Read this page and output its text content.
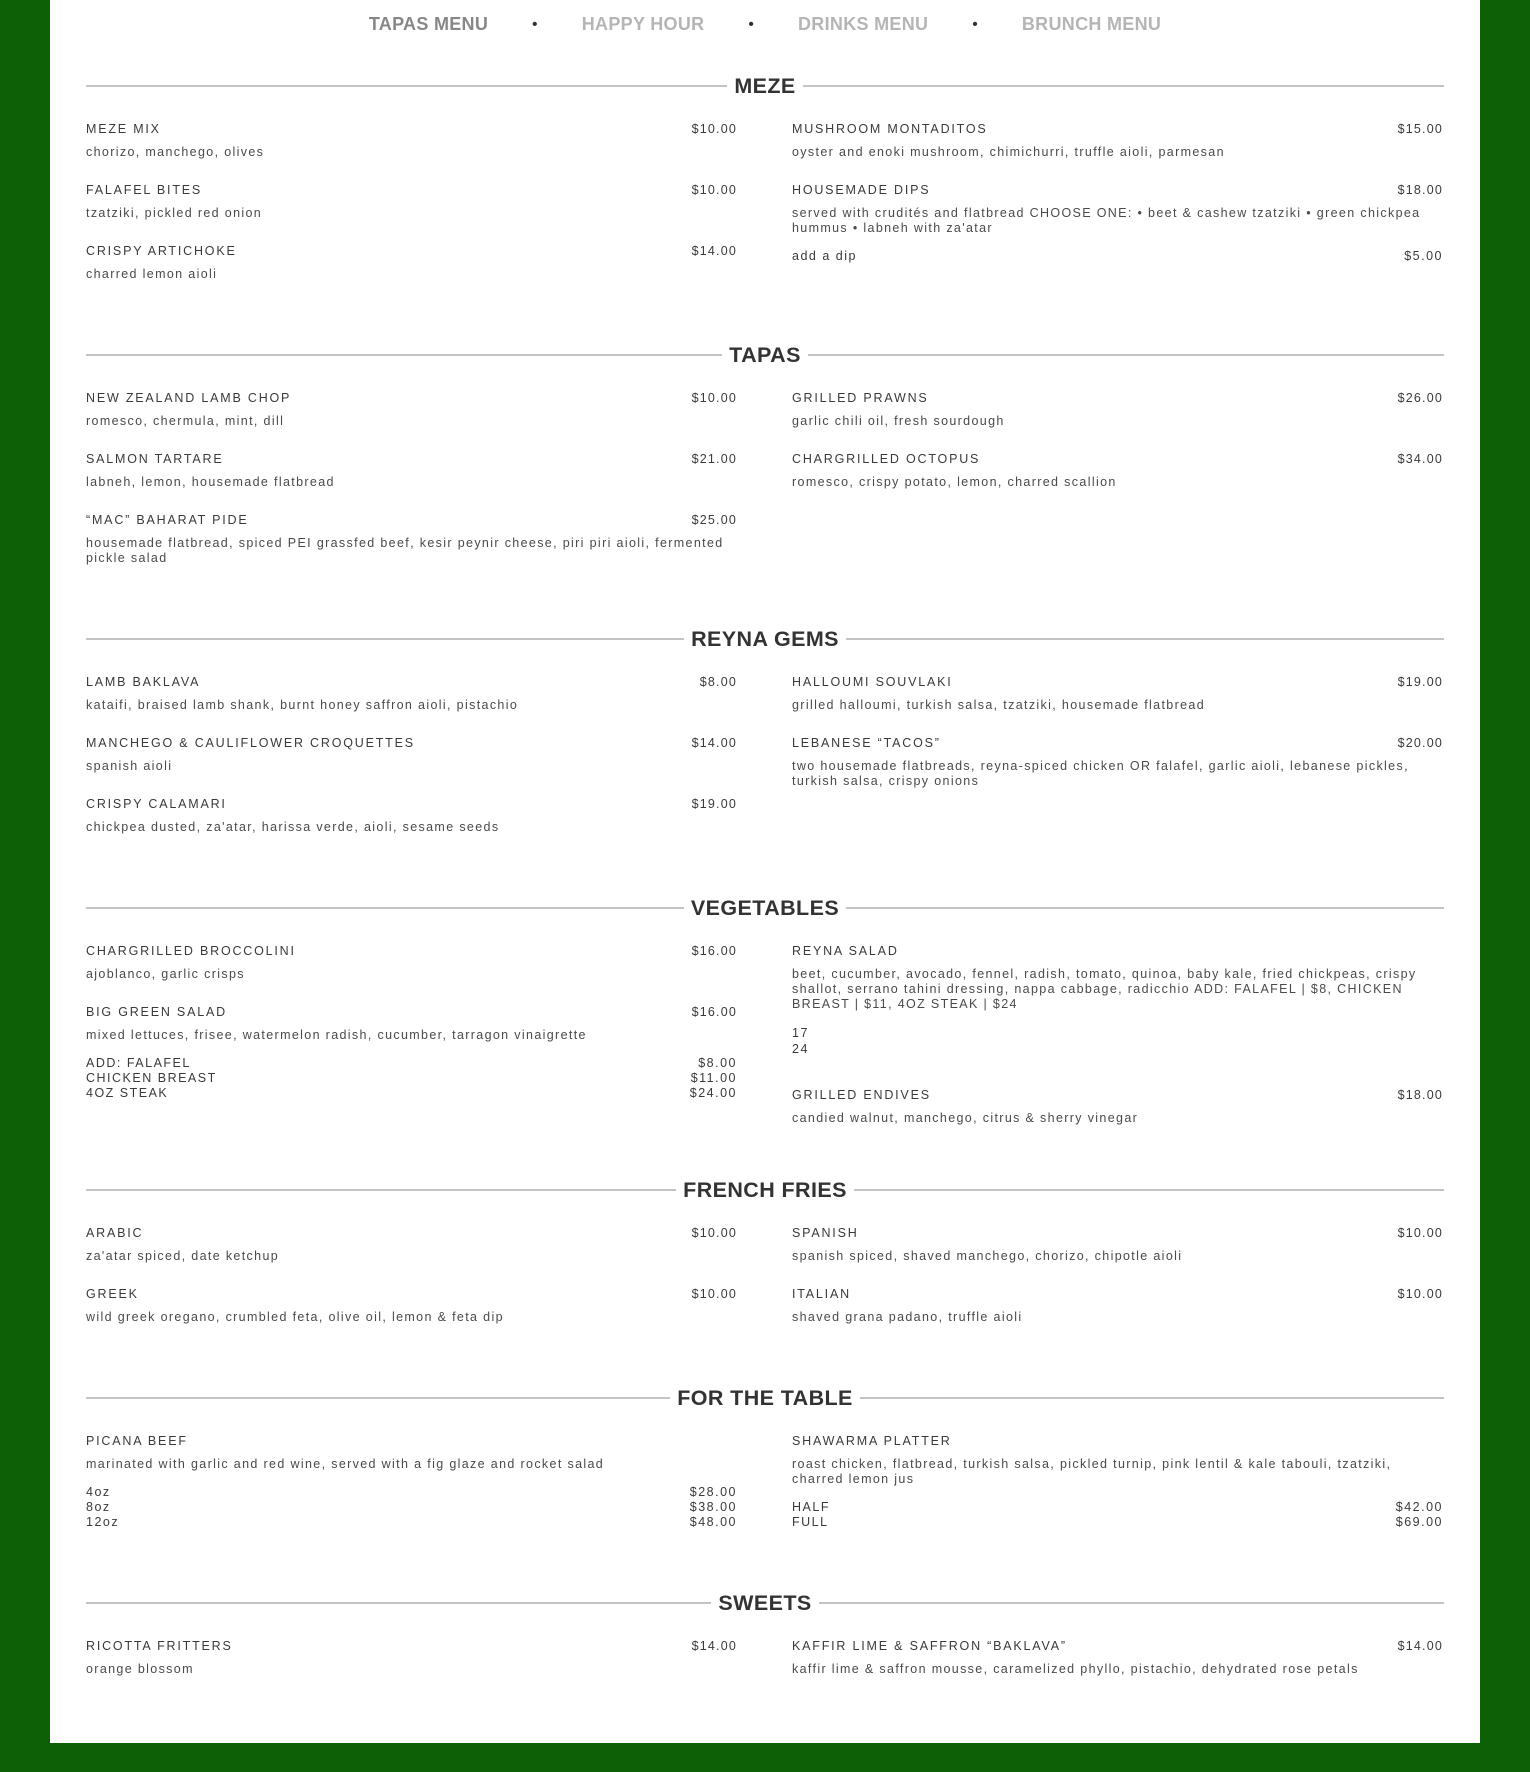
TAPAS MENU	• HAPPY HOUR	• DRINKS MENU	• BRUNCH MENU
MEZE
MEZE MIX	$10.00
chorizo, manchego, olives
FALAFEL BITES	$10.00
tzatziki, pickled red onion
CRISPY ARTICHOKE	$14.00
charred lemon aioli
MUSHROOM MONTADITOS	$15.00
oyster and enoki mushroom, chimichurri, truffle aioli, parmesan
HOUSEMADE DIPS	$18.00
served with crudités and flatbread CHOOSE ONE: • beet & cashew tzatziki • green chickpea hummus • labneh with za'atar
add a dip	$5.00
TAPAS
NEW ZEALAND LAMB CHOP	$10.00
romesco, chermula, mint, dill
SALMON TARTARE	$21.00
labneh, lemon, housemade flatbread
“MAC” BAHARAT PIDE	$25.00
housemade flatbread, spiced PEI grassfed beef, kesir peynir cheese, piri piri aioli, fermented pickle salad
GRILLED PRAWNS	$26.00
garlic chili oil, fresh sourdough
CHARGRILLED OCTOPUS	$34.00
romesco, crispy potato, lemon, charred scallion
REYNA GEMS
LAMB BAKLAVA	$8.00
kataifi, braised lamb shank, burnt honey saffron aioli, pistachio
MANCHEGO & CAULIFLOWER CROQUETTES	$14.00
spanish aioli
CRISPY CALAMARI	$19.00
chickpea dusted, za'atar, harissa verde, aioli, sesame seeds
HALLOUMI SOUVLAKI	$19.00
grilled halloumi, turkish salsa, tzatziki, housemade flatbread
LEBANESE “TACOS”	$20.00
two housemade flatbreads, reyna-spiced chicken OR falafel, garlic aioli, lebanese pickles, turkish salsa, crispy onions
VEGETABLES
CHARGRILLED BROCCOLINI	$16.00
ajoblanco, garlic crisps
BIG GREEN SALAD	$16.00
mixed lettuces, frisee, watermelon radish, cucumber, tarragon vinaigrette
ADD: FALAFEL	$8.00
CHICKEN BREAST	$11.00
4OZ STEAK	$24.00
REYNA SALAD
beet, cucumber, avocado, fennel, radish, tomato, quinoa, baby kale, fried chickpeas, crispy shallot, serrano tahini dressing, nappa cabbage, radicchio ADD: FALAFEL | $8, CHICKEN BREAST | $11, 4OZ STEAK | $24
17
24
GRILLED ENDIVES	$18.00
candied walnut, manchego, citrus & sherry vinegar
FRENCH FRIES
ARABIC	$10.00
za'atar spiced, date ketchup
GREEK	$10.00
wild greek oregano, crumbled feta, olive oil, lemon & feta dip
SPANISH	$10.00
spanish spiced, shaved manchego, chorizo, chipotle aioli
ITALIAN	$10.00
shaved grana padano, truffle aioli
FOR THE TABLE
PICANA BEEF
marinated with garlic and red wine, served with a fig glaze and rocket salad
4oz	$28.00
8oz	$38.00
12oz	$48.00
SHAWARMA PLATTER
roast chicken, flatbread, turkish salsa, pickled turnip, pink lentil & kale tabouli, tzatziki, charred lemon jus
HALF	$42.00
FULL	$69.00
SWEETS
RICOTTA FRITTERS	$14.00
orange blossom
KAFFIR LIME & SAFFRON “BAKLAVA”	$14.00
kaffir lime & saffron mousse, caramelized phyllo, pistachio, dehydrated rose petals
